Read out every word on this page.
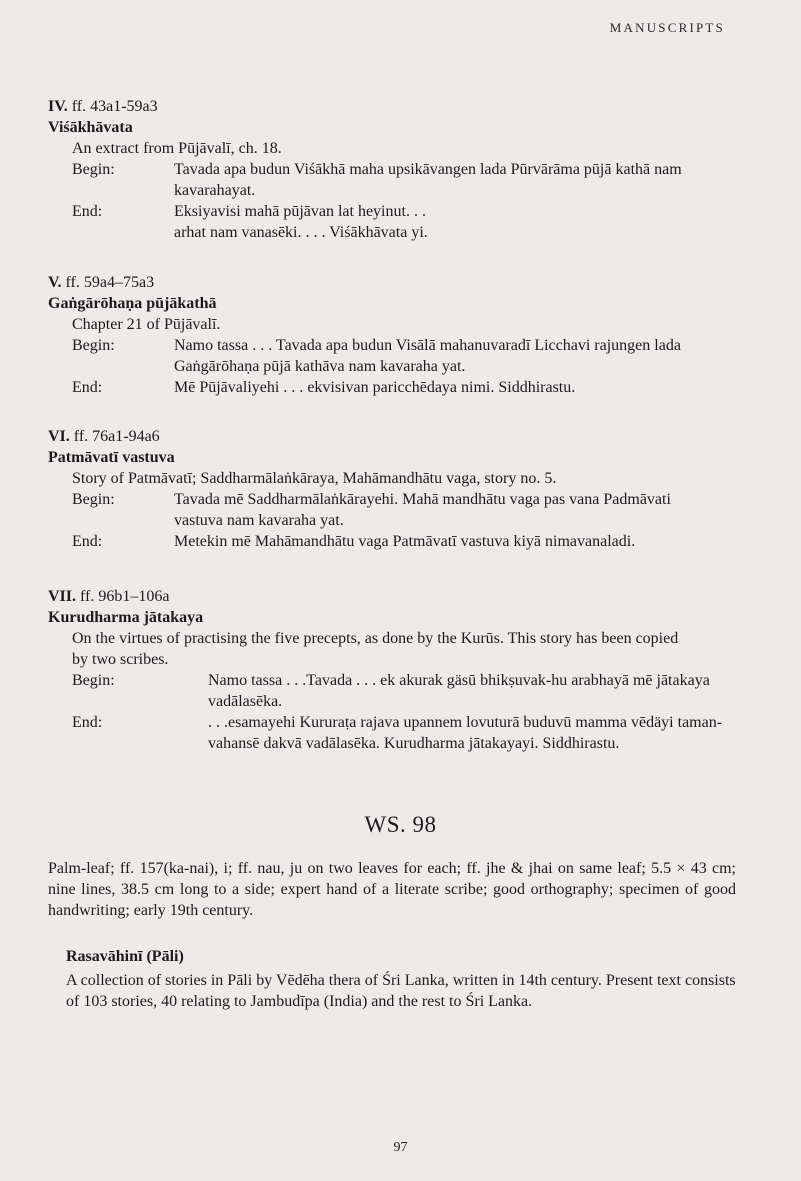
MANUSCRIPTS
IV. ff. 43a1-59a3
Viśākhāvata
An extract from Pūjāvalī, ch. 18.
Begin:	Tavada apa budun Viśākhā maha upsikāvangen lada Pūrvārāma pūjā kathā nam
kavarahayat.
End:	Eksiyavisi mahā pūjāvan lat heyinut. . .
arhat nam vanasēki. . . . Viśākhāvata yi.
V. ff. 59a4–75a3
Gaṅgārōhaṇa pūjākathā
Chapter 21 of Pūjāvalī.
Begin:	Namo tassa . . . Tavada apa budun Visālā mahanuvaradī Licchavi rajungen lada
Gaṅgārōhaṇa pūjā kathāva nam kavaraha yat.
End:	Mē Pūjāvaliyehi . . . ekvisivan paricchēdaya nimi. Siddhirastu.
VI. ff. 76a1-94a6
Patmāvatī vastuva
Story of Patmāvatī; Saddharmālaṅkāraya, Mahāmandhātu vaga, story no. 5.
Begin:	Tavada mē Saddharmālaṅkārayehi. Mahā mandhātu vaga pas vana Padmāvati
vastuva nam kavaraha yat.
End:	Metekin mē Mahāmandhātu vaga Patmāvatī vastuva kiyā nimavanaladi.
VII. ff. 96b1–106a
Kurudharma jātakaya
On the virtues of practising the five precepts, as done by the Kurūs. This story has been copied
by two scribes.
Begin:	Namo tassa . . .Tavada . . . ek akurak gäsū bhikṣuvak-hu arabhayā mē jātakaya
vadālasēka.
End:	. . .esamayehi Kururaṭa rajava upannem lovuturā buduvū mamma vēdäyi taman-
vahansē dakvā vadālasēka. Kurudharma jātakayayi. Siddhirastu.
WS. 98
Palm-leaf; ff. 157(ka-nai), i; ff. nau, ju on two leaves for each; ff. jhe & jhai on same leaf; 5.5 × 43 cm; nine lines, 38.5 cm long to a side; expert hand of a literate scribe; good orthography; specimen of good handwriting; early 19th century.
Rasavāhinī (Pāli)
A collection of stories in Pāli by Vēdēha thera of Śri Lanka, written in 14th century. Present text consists of 103 stories, 40 relating to Jambudīpa (India) and the rest to Śri Lanka.
97
